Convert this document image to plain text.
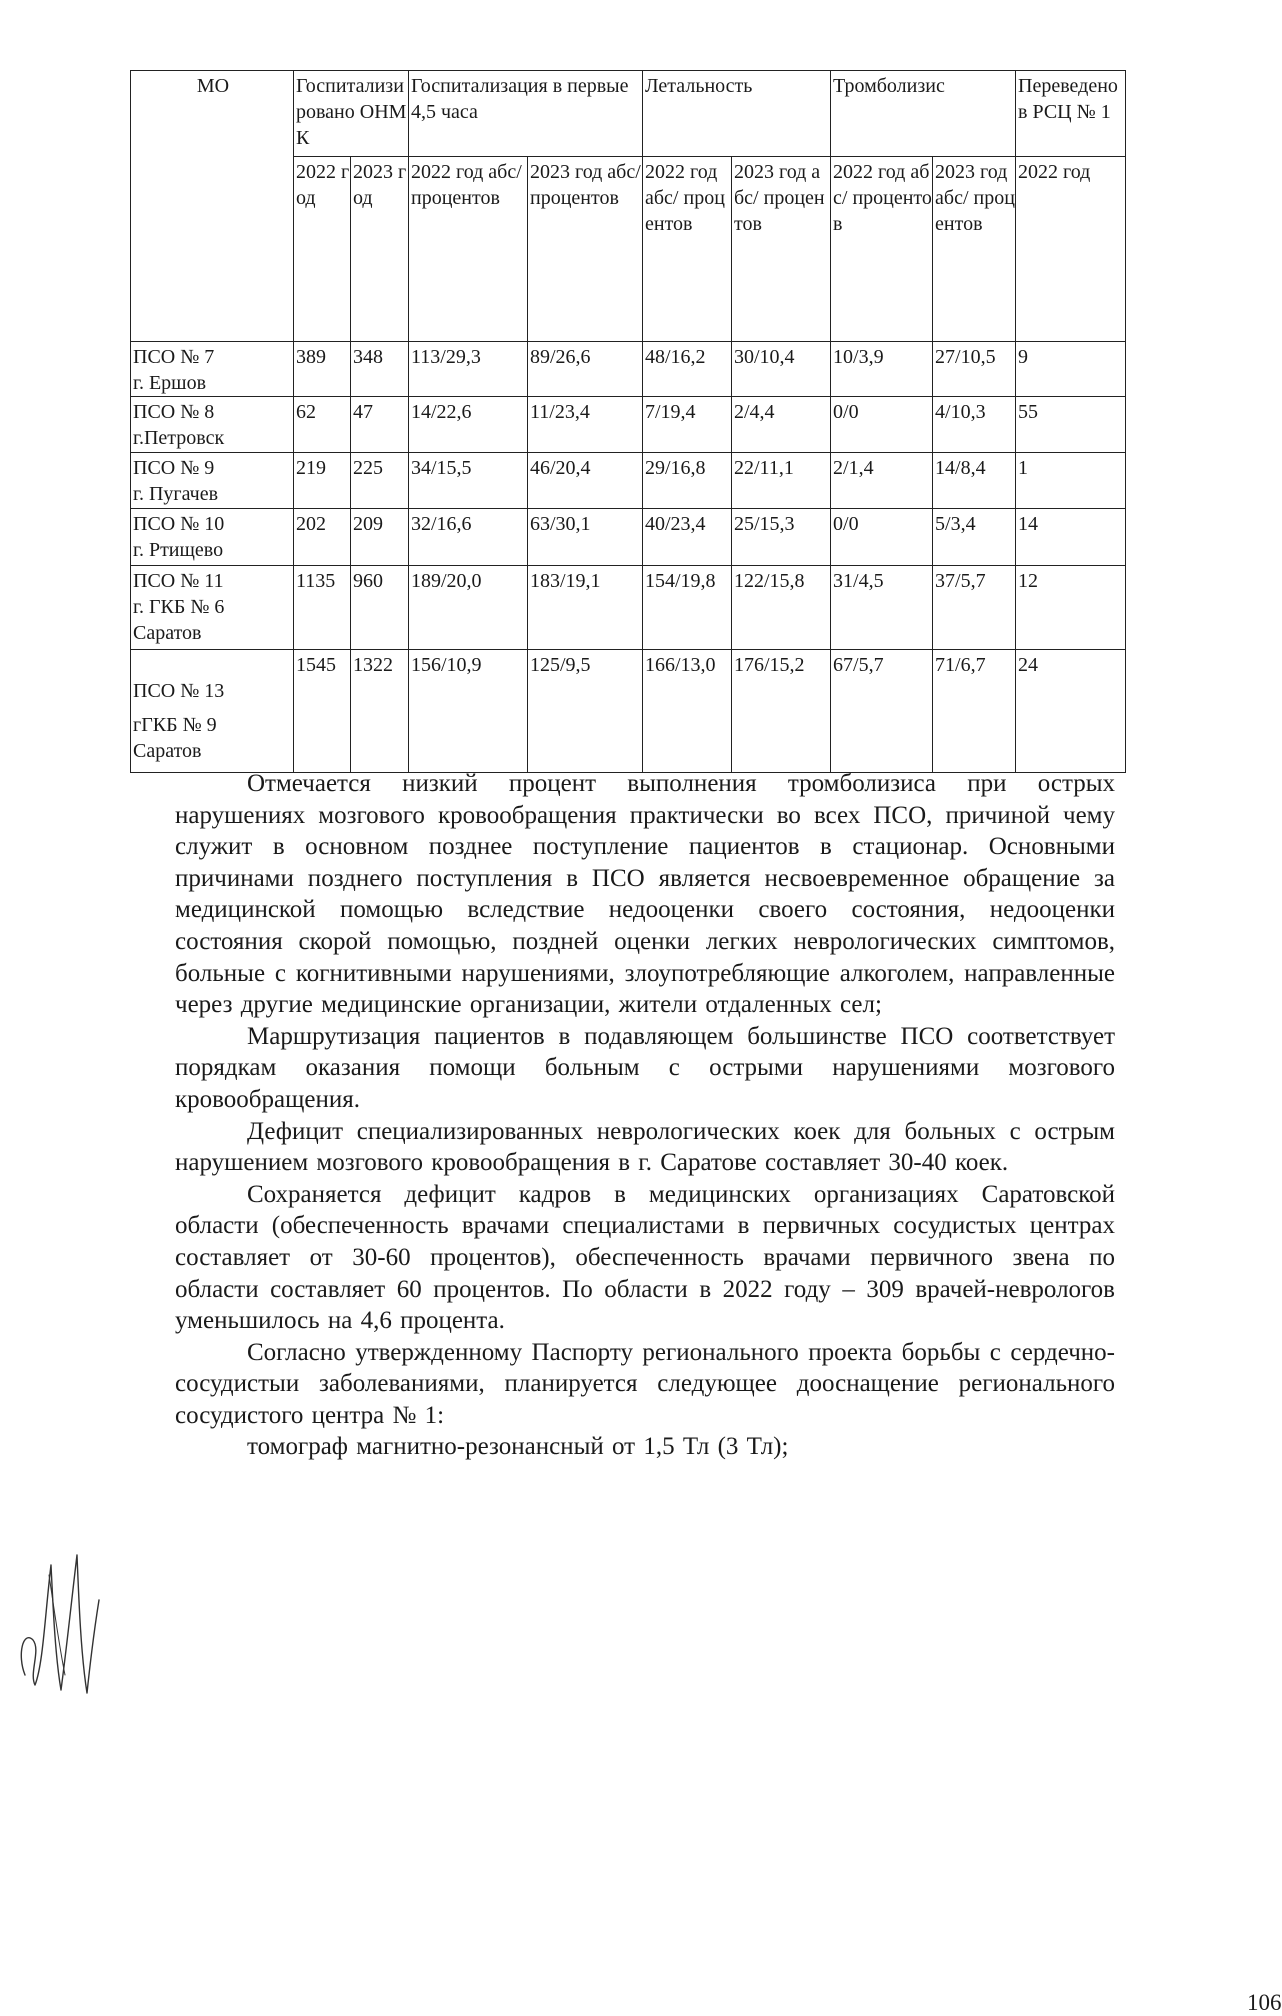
МО	Госпитализировано ОНМК		Госпитализация в первые 4,5 часа		Летальность		Тромболизис		Переведено в РСЦ № 1	
	2022 год	2023 год	2022 год абс/ процентов	2023 год абс/ процентов	2022 год абс/ процентов	2023 год абс/ процентов	2022 год абс/ процентов	2023 год абс/ процентов	2022 год	
ПСО № 7
г. Ершов	389	348	113/29,3	89/26,6	48/16,2	30/10,4	10/3,9	27/10,5	9	
ПСО № 8
г.Петровск	62	47	14/22,6	11/23,4	7/19,4	2/4,4	0/0	4/10,3	55	
ПСО № 9
г. Пугачев	219	225	34/15,5	46/20,4	29/16,8	22/11,1	2/1,4	14/8,4	1	
ПСО № 10
г. Ртищево	202	209	32/16,6	63/30,1	40/23,4	25/15,3	0/0	5/3,4	14	
ПСО № 11
г. ГКБ № 6
Саратов	1135	960	189/20,0	183/19,1	154/19,8	122/15,8	31/4,5	37/5,7	12	
ПСО № 13
гГКБ № 9
Саратов	1545	1322	156/10,9	125/9,5	166/13,0	176/15,2	67/5,7	71/6,7	24	

Отмечается низкий процент выполнения тромболизиса при острых нарушениях мозгового кровообращения практически во всех ПСО, причиной чему служит в основном позднее поступление пациентов в стационар. Основными причинами позднего поступления в ПСО является несвоевременное обращение за медицинской помощью вследствие недооценки своего состояния, недооценки состояния скорой помощью, поздней оценки легких неврологических симптомов, больные с когнитивными нарушениями, злоупотребляющие алкоголем, направленные через другие медицинские организации, жители отдаленных сел;

Маршрутизация пациентов в подавляющем большинстве ПСО соответствует порядкам оказания помощи больным с острыми нарушениями мозгового кровообращения.

Дефицит специализированных неврологических коек для больных с острым нарушением мозгового кровообращения в г. Саратове составляет 30-40 коек.

Сохраняется дефицит кадров в медицинских организациях Саратовской области (обеспеченность врачами специалистами в первичных сосудистых центрах составляет от 30-60 процентов), обеспеченность врачами первичного звена по области составляет 60 процентов. По области в 2022 году – 309 врачей-неврологов уменьшилось на 4,6 процента.

Согласно утвержденному Паспорту регионального проекта борьбы с сердечно-сосудистыи заболеваниями, планируется следующее дооснащение регионального сосудистого центра № 1:

томограф магнитно-резонансный от 1,5 Тл (3 Тл);

106
